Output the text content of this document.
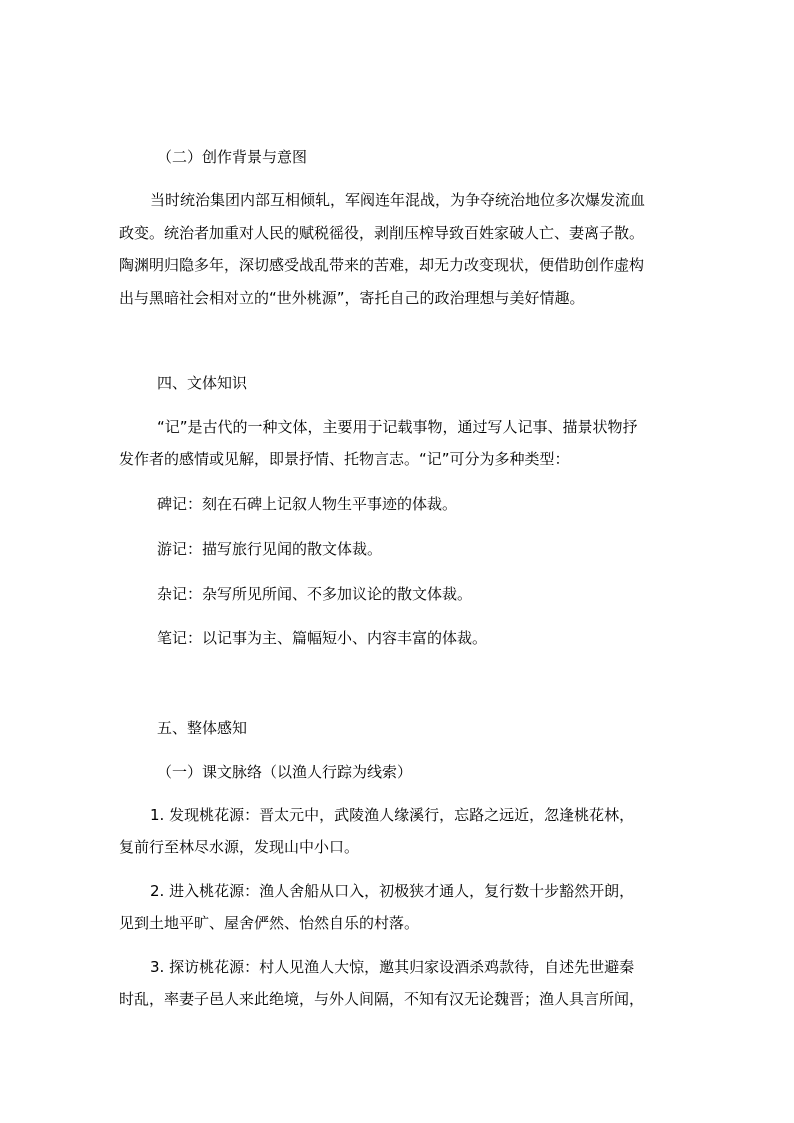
（二）创作背景与意图

当时统治集团内部互相倾轧，军阀连年混战，为争夺统治地位多次爆发流血

政变。统治者加重对人民的赋税徭役，剥削压榨导致百姓家破人亡、妻离子散。

陶渊明归隐多年，深切感受战乱带来的苦难，却无力改变现状，便借助创作虚构

出与黑暗社会相对立的“世外桃源”，寄托自己的政治理想与美好情趣。

四、文体知识

“记”是古代的一种文体，主要用于记载事物，通过写人记事、描景状物抒

发作者的感情或见解，即景抒情、托物言志。“记”可分为多种类型：

碑记：刻在石碑上记叙人物生平事迹的体裁。

游记：描写旅行见闻的散文体裁。

杂记：杂写所见所闻、不多加议论的散文体裁。

笔记：以记事为主、篇幅短小、内容丰富的体裁。

五、整体感知

（一）课文脉络（以渔人行踪为线索）

1. 发现桃花源：晋太元中，武陵渔人缘溪行，忘路之远近，忽逢桃花林，

复前行至林尽水源，发现山中小口。

2. 进入桃花源：渔人舍船从口入，初极狭才通人，复行数十步豁然开朗，

见到土地平旷、屋舍俨然、怡然自乐的村落。

3. 探访桃花源：村人见渔人大惊，邀其归家设酒杀鸡款待，自述先世避秦

时乱，率妻子邑人来此绝境，与外人间隔，不知有汉无论魏晋；渔人具言所闻，
